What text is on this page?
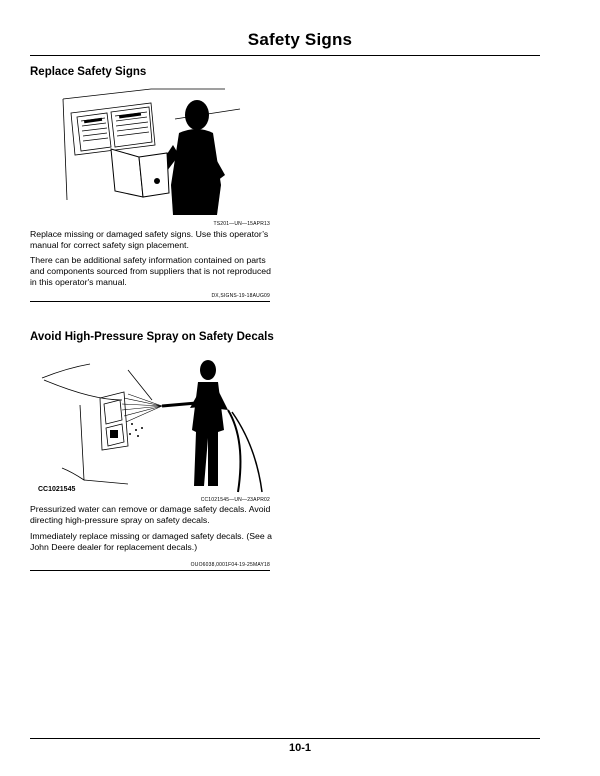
Safety Signs
Replace Safety Signs
TS201—UN—15APR13

Replace missing or damaged safety signs. Use this operator’s manual for correct safety sign placement.

There can be additional safety information contained on parts and components sourced from suppliers that is not reproduced in this operator's manual.

DX,SIGNS-19-18AUG09
Avoid High-Pressure Spray on Safety Decals
CC1021545
CC1021545—UN—23APR02

Pressurized water can remove or damage safety decals. Avoid directing high-pressure spray on safety decals.

Immediately replace missing or damaged safety decals. (See a John Deere dealer for replacement decals.)

OUO6038,0001F04-19-25MAY18
10-1
